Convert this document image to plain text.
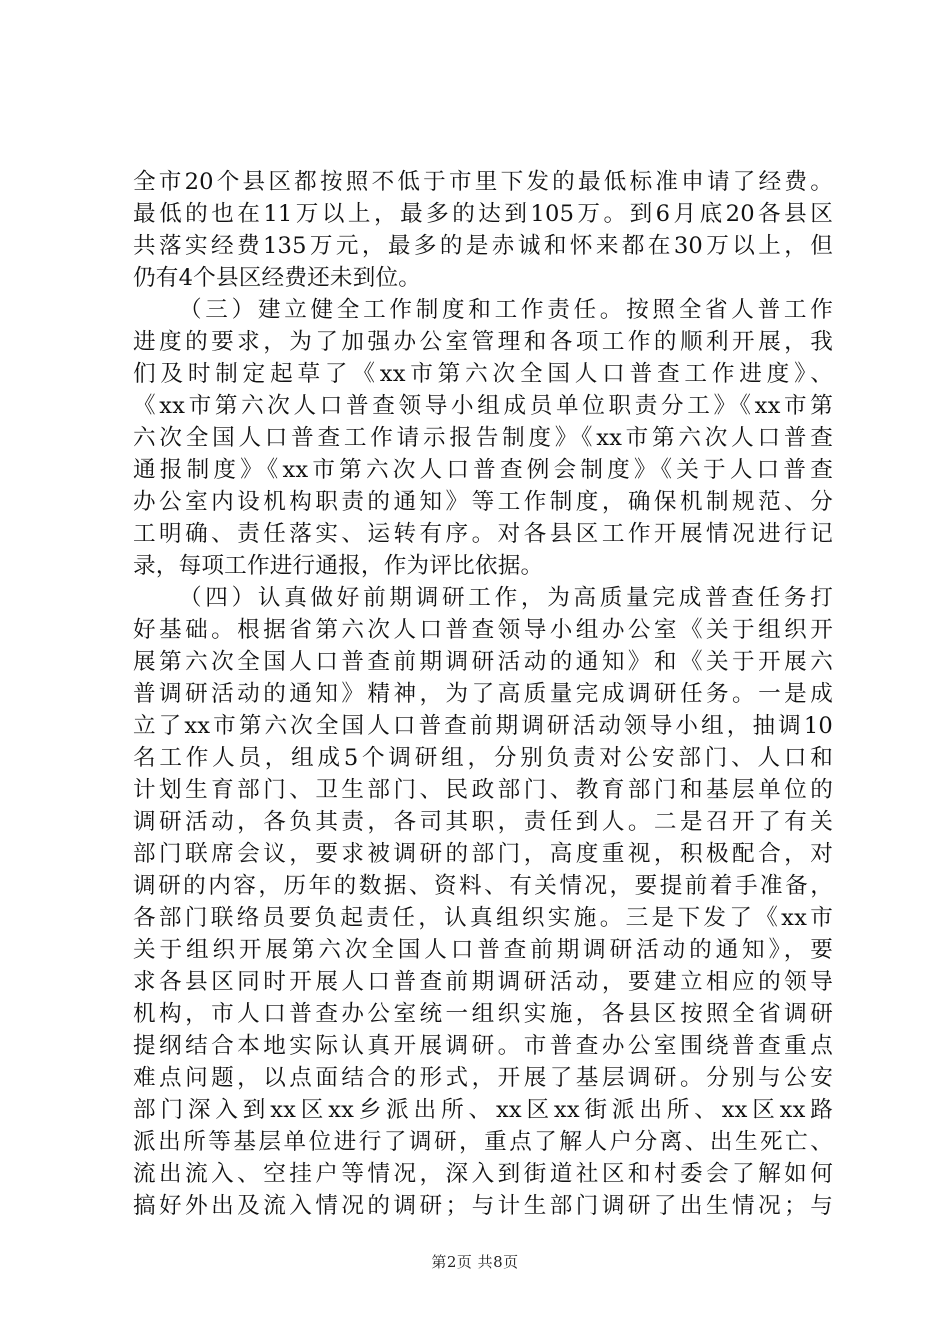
全市20个县区都按照不低于市里下发的最低标准申请了经费。
最低的也在11万以上，最多的达到105万。到6月底20各县区
共落实经费135万元，最多的是赤诚和怀来都在30万以上，但
仍有4个县区经费还未到位。
（三）建立健全工作制度和工作责任。按照全省人普工作
进度的要求，为了加强办公室管理和各项工作的顺利开展，我
们及时制定起草了《xx市第六次全国人口普查工作进度》、
《xx市第六次人口普查领导小组成员单位职责分工》《xx市第
六次全国人口普查工作请示报告制度》《xx市第六次人口普查
通报制度》《xx市第六次人口普查例会制度》《关于人口普查
办公室内设机构职责的通知》等工作制度，确保机制规范、分
工明确、责任落实、运转有序。对各县区工作开展情况进行记
录，每项工作进行通报，作为评比依据。
（四）认真做好前期调研工作，为高质量完成普查任务打
好基础。根据省第六次人口普查领导小组办公室《关于组织开
展第六次全国人口普查前期调研活动的通知》和《关于开展六
普调研活动的通知》精神，为了高质量完成调研任务。一是成
立了xx市第六次全国人口普查前期调研活动领导小组，抽调10
名工作人员，组成5个调研组，分别负责对公安部门、人口和
计划生育部门、卫生部门、民政部门、教育部门和基层单位的
调研活动，各负其责，各司其职，责任到人。二是召开了有关
部门联席会议，要求被调研的部门，高度重视，积极配合，对
调研的内容，历年的数据、资料、有关情况，要提前着手准备，
各部门联络员要负起责任，认真组织实施。三是下发了《xx市
关于组织开展第六次全国人口普查前期调研活动的通知》，要
求各县区同时开展人口普查前期调研活动，要建立相应的领导
机构，市人口普查办公室统一组织实施，各县区按照全省调研
提纲结合本地实际认真开展调研。市普查办公室围绕普查重点
难点问题，以点面结合的形式，开展了基层调研。分别与公安
部门深入到xx区xx乡派出所、xx区xx街派出所、xx区xx路
派出所等基层单位进行了调研，重点了解人户分离、出生死亡、
流出流入、空挂户等情况，深入到街道社区和村委会了解如何
搞好外出及流入情况的调研；与计生部门调研了出生情况；与
第2页 共8页
